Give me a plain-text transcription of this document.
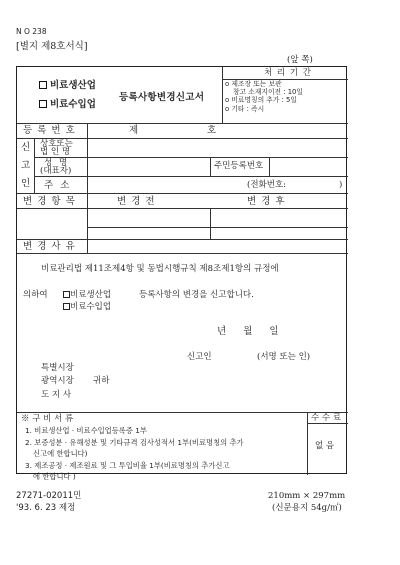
N O 238
[별지 제8호서식]
(앞 쪽)
비료생산업
비료수입업
등록사항변경신고서
처 리 기 간
o 제조장 또는 보관
창고 소재지이전 : 10일
o 비료명칭의 추가 : 5일
o 기타 : 즉시
등 록 번 호	제	호
신
고
인
상호또는
법 인 명
성 명
(대표자)	주민등록번호
주 소	(전화번호:	)
변 경 항 목	변 경 전	변 경 후
변 경 사 유
비료관리법 제11조제4항 및 동법시행규칙 제8조제1항의 규정에
의하여	비료생산업	등록사항의 변경을 신고합니다.
비료수입업
년 월 일
신고인	(서명 또는 인)
특별시장
광역시장 귀하
도 지 사
※ 구 비 서 류
1. 비료생산업 · 비료수입업등록증 1부
2. 보증성분 · 유해성분 및 기타규격 검사성적서 1부(비료명칭의 추가
신고에 한합니다)
3. 제조공정 · 제조원료 및 그 투입비율 1부(비료명칭의 추가신고
에 한합니다 )
수 수 료
없 음
27271-02011민
'93. 6. 23 제정
210mm × 297mm
(신문용지 54g/㎡)
